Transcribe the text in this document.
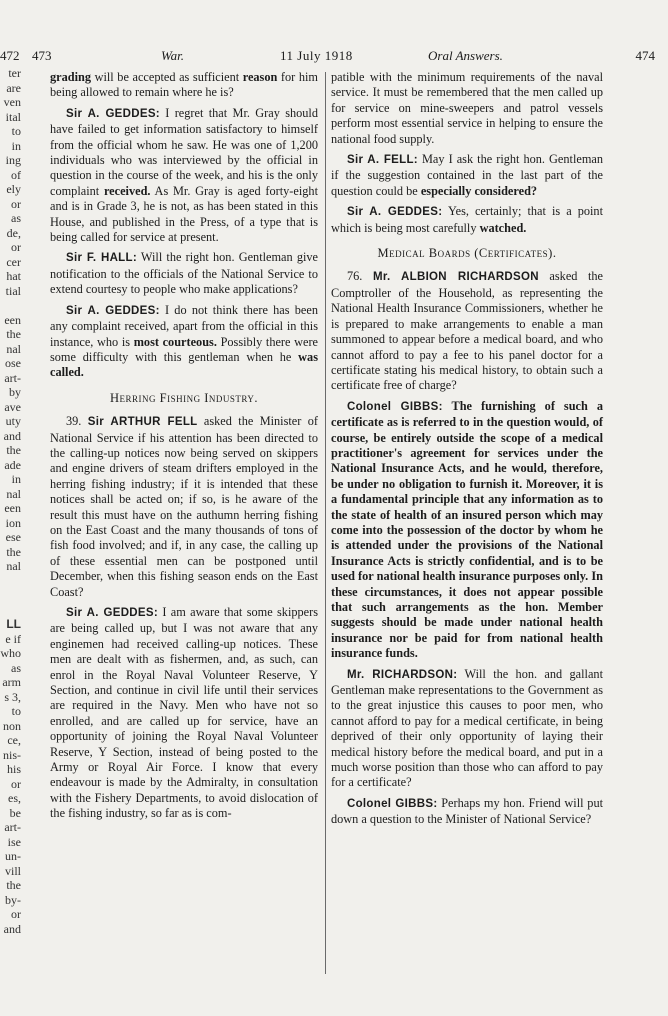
ter
are
ven
ital
to
in
ing
of
ely
or
as
de,
or
cer
hat
tial
een
the
nal
ose
art-
by
ave
uty
and
the
ade
in
nal
een
ion
ese
the
nal
LL
e if
who
as
arm
s 3,
to
non
ce,
nis-
his
or
es,
be
art-
ise
un-
vill
the
by-
or
and
472 473	War.	11 July 1918	Oral Answers.	474

grading will be accepted as sufficient reason for him being allowed to remain where he is?

Sir A. GEDDES: I regret that Mr. Gray should have failed to get information satisfactory to himself from the official whom he saw. He was one of 1,200 individuals who was interviewed by the official in question in the course of the week, and his is the only complaint received. As Mr. Gray is aged forty-eight and is in Grade 3, he is not, as has been stated in this House, and published in the Press, of a type that is being called for service at present.

Sir F. HALL: Will the right hon. Gentleman give notification to the officials of the National Service to extend courtesy to people who make applications?

Sir A. GEDDES: I do not think there has been any complaint received, apart from the official in this instance, who is most courteous. Possibly there were some difficulty with this gentleman when he was called.

Herring Fishing Industry.

39. Sir ARTHUR FELL asked the Minister of National Service if his attention has been directed to the calling-up notices now being served on skippers and engine drivers of steam drifters employed in the herring fishing industry; if it is intended that these notices shall be acted on; if so, is he aware of the result this must have on the authumn herring fishing on the East Coast and the many thousands of tons of fish food involved; and if, in any case, the calling up of these essential men can be postponed until December, when this fishing season ends on the East Coast?

Sir A. GEDDES: I am aware that some skippers are being called up, but I was not aware that any enginemen had received calling-up notices. These men are dealt with as fishermen, and, as such, can enrol in the Royal Naval Volunteer Reserve, Y Section, and continue in civil life until their services are required in the Navy. Men who have not so enrolled, and are called up for service, have an opportunity of joining the Royal Naval Volunteer Reserve, Y Section, instead of being posted to the Army or Royal Air Force. I know that every endeavour is made by the Admiralty, in consultation with the Fishery Departments, to avoid dislocation of the fishing industry, so far as is com-

patible with the minimum requirements of the naval service. It must be remembered that the men called up for service on mine-sweepers and patrol vessels perform most essential service in helping to ensure the national food supply.

Sir A. FELL: May I ask the right hon. Gentleman if the suggestion contained in the last part of the question could be especially considered?

Sir A. GEDDES: Yes, certainly; that is a point which is being most carefully watched.

Medical Boards (Certificates).

76. Mr. ALBION RICHARDSON asked the Comptroller of the Household, as representing the National Health Insurance Commissioners, whether he is prepared to make arrangements to enable a man summoned to appear before a medical board, and who cannot afford to pay a fee to his panel doctor for a certificate stating his medical history, to obtain such a certificate free of charge?

Colonel GIBBS: The furnishing of such a certificate as is referred to in the question would, of course, be entirely outside the scope of a medical practitioner's agreement for services under the National Insurance Acts, and he would, therefore, be under no obligation to furnish it. Moreover, it is a fundamental principle that any information as to the state of health of an insured person which may come into the possession of the doctor by whom he is attended under the provisions of the National Insurance Acts is strictly confidential, and is to be used for national health insurance purposes only. In these circumstances, it does not appear possible that such arrangements as the hon. Member suggests should be made under national health insurance nor be paid for from national health insurance funds.

Mr. RICHARDSON: Will the hon. and gallant Gentleman make representations to the Government as to the great injustice this causes to poor men, who cannot afford to pay for a medical certificate, in being deprived of their only opportunity of laying their medical history before the medical board, and put in a much worse position than those who can afford to pay for a certificate?

Colonel GIBBS: Perhaps my hon. Friend will put down a question to the Minister of National Service?
